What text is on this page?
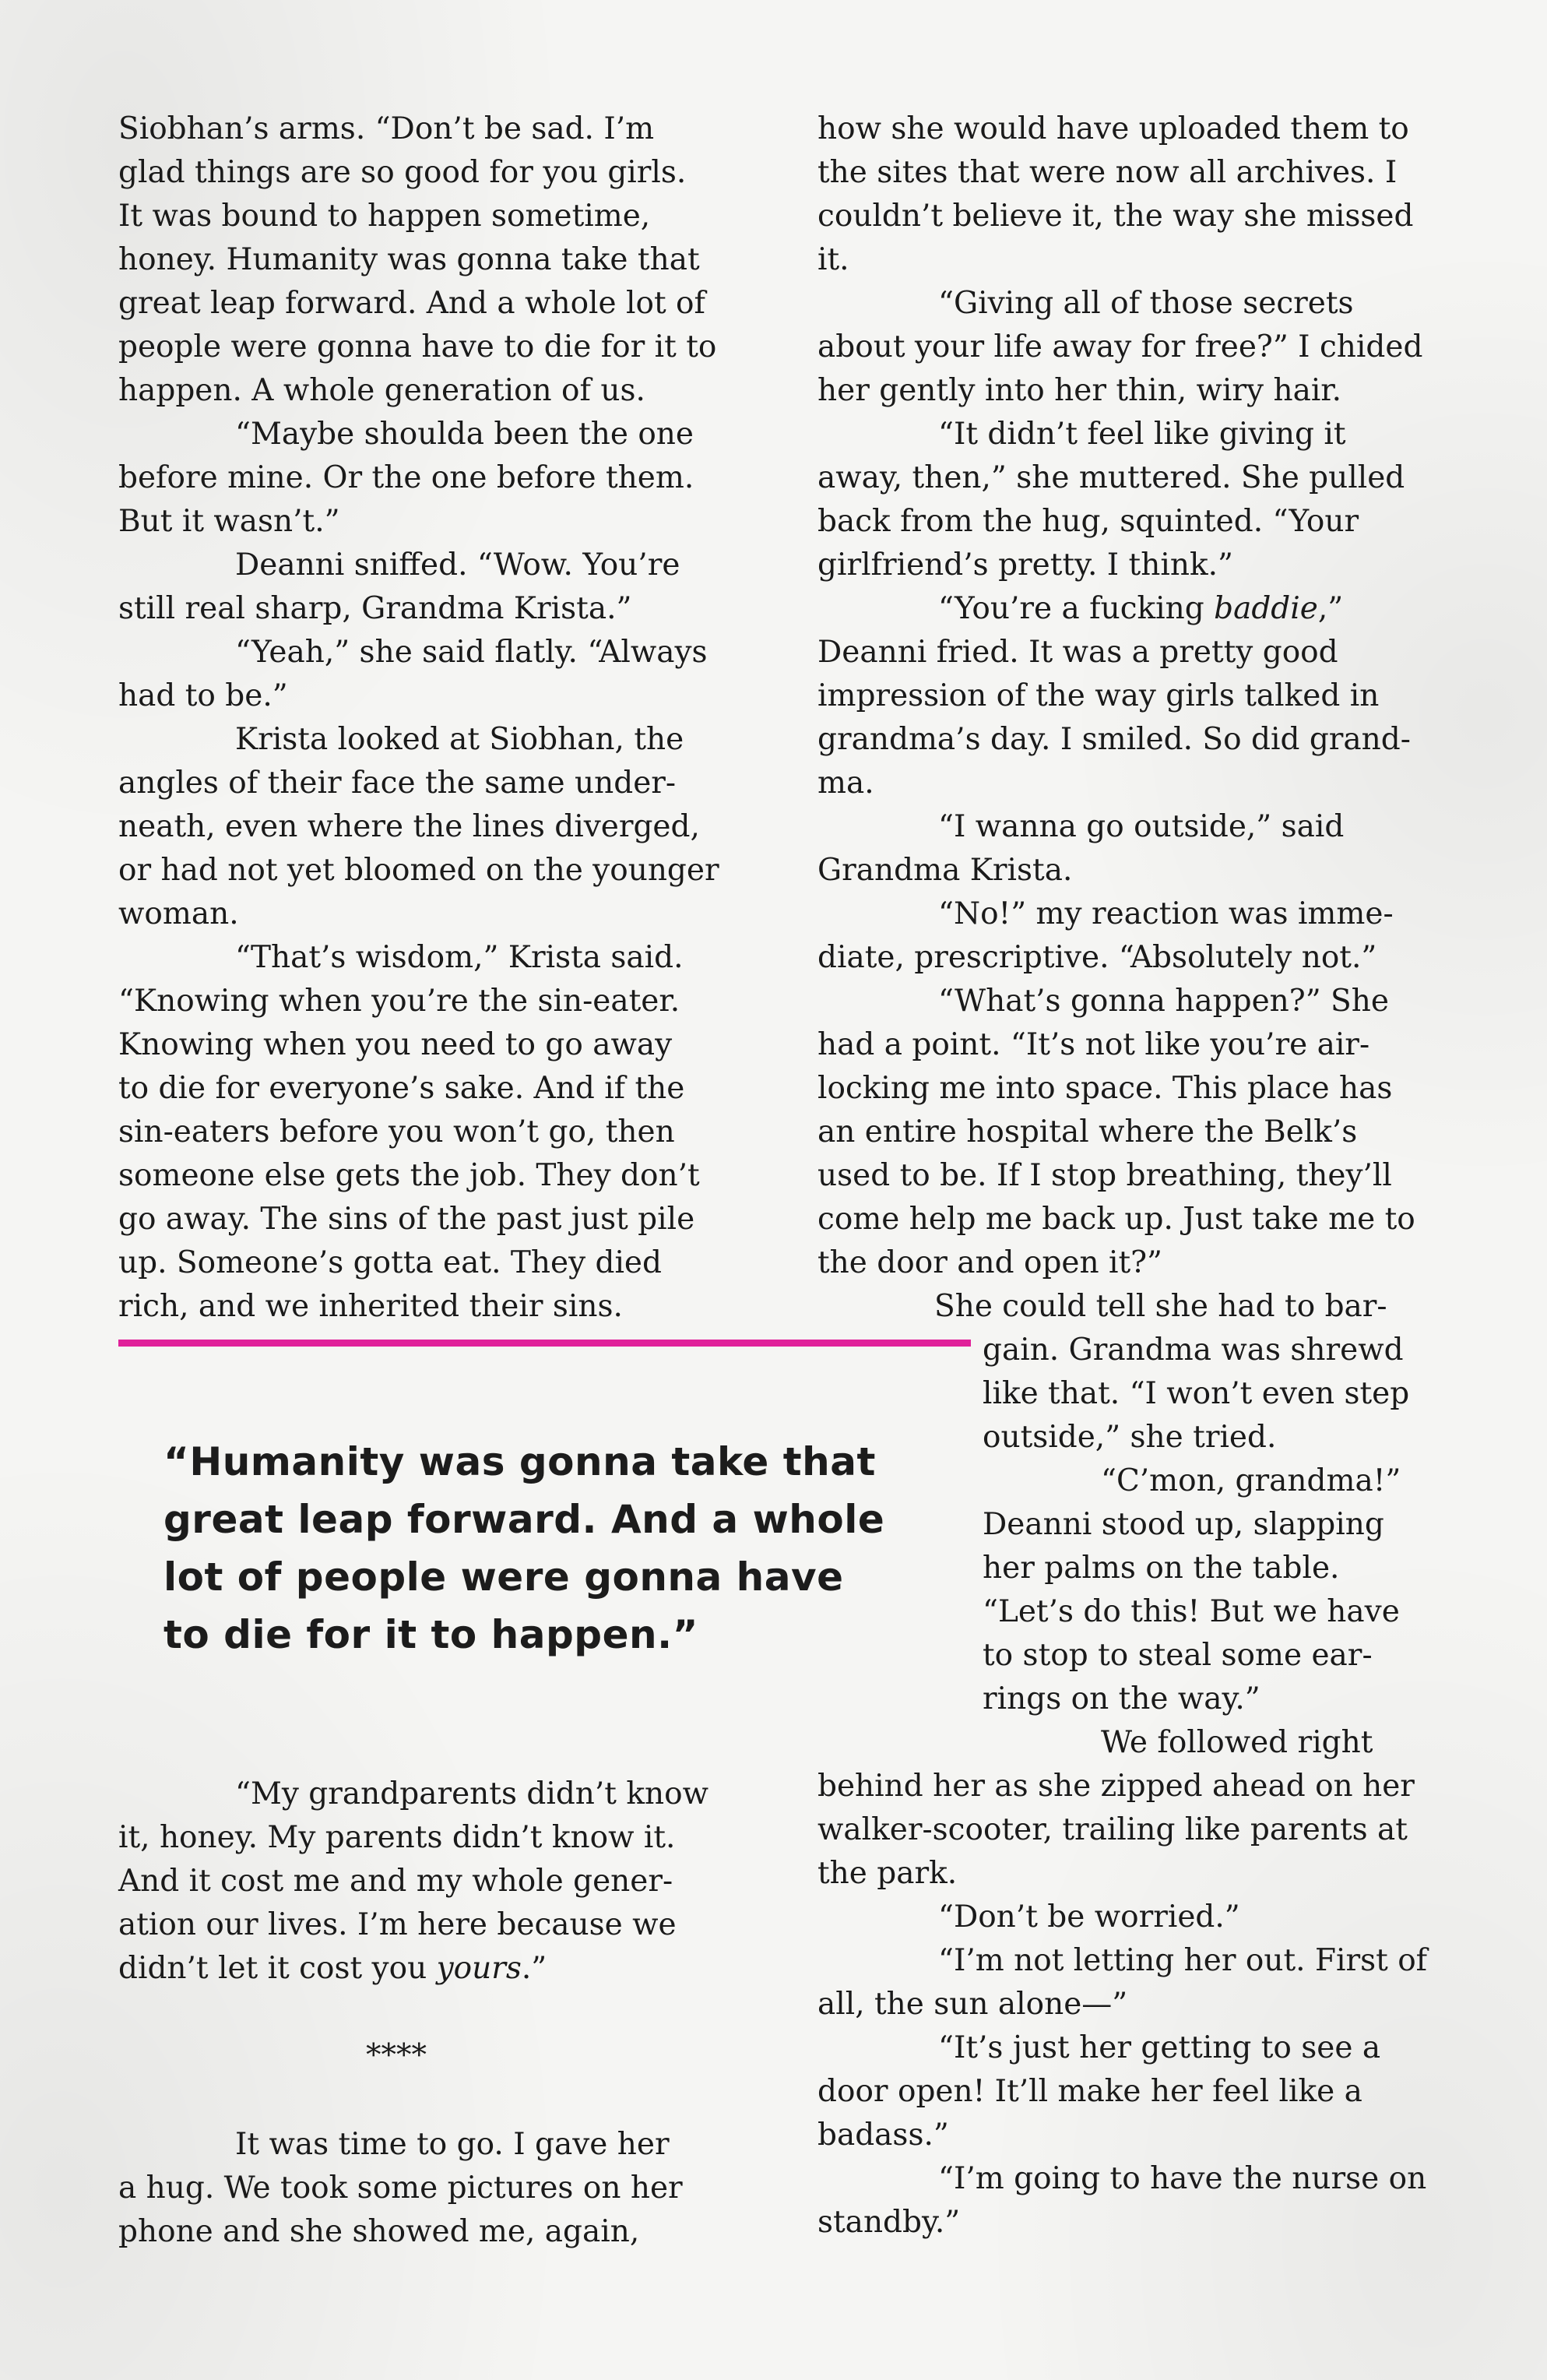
Siobhan’s arms. “Don’t be sad. I’m
glad things are so good for you girls.
It was bound to happen sometime,
honey. Humanity was gonna take that
great leap forward. And a whole lot of
people were gonna have to die for it to
happen. A whole generation of us.
“Maybe shoulda been the one
before mine. Or the one before them.
But it wasn’t.”
Deanni sniffed. “Wow. You’re
still real sharp, Grandma Krista.”
“Yeah,” she said flatly. “Always
had to be.”
Krista looked at Siobhan, the
angles of their face the same under-
neath, even where the lines diverged,
or had not yet bloomed on the younger
woman.
“That’s wisdom,” Krista said.
“Knowing when you’re the sin-eater.
Knowing when you need to go away
to die for everyone’s sake. And if the
sin-eaters before you won’t go, then
someone else gets the job. They don’t
go away. The sins of the past just pile
up. Someone’s gotta eat. They died
rich, and we inherited their sins.
“Humanity was gonna take that
great leap forward. And a whole
lot of people were gonna have
to die for it to happen.”
“My grandparents didn’t know
it, honey. My parents didn’t know it.
And it cost me and my whole gener-
ation our lives. I’m here because we
didn’t let it cost you yours.”
****
It was time to go. I gave her
a hug. We took some pictures on her
phone and she showed me, again,
how she would have uploaded them to
the sites that were now all archives. I
couldn’t believe it, the way she missed
it.
“Giving all of those secrets
about your life away for free?” I chided
her gently into her thin, wiry hair.
“It didn’t feel like giving it
away, then,” she muttered. She pulled
back from the hug, squinted. “Your
girlfriend’s pretty. I think.”
“You’re a fucking baddie,”
Deanni fried. It was a pretty good
impression of the way girls talked in
grandma’s day. I smiled. So did grand-
ma.
“I wanna go outside,” said
Grandma Krista.
“No!” my reaction was imme-
diate, prescriptive. “Absolutely not.”
“What’s gonna happen?” She
had a point. “It’s not like you’re air-
locking me into space. This place has
an entire hospital where the Belk’s
used to be. If I stop breathing, they’ll
come help me back up. Just take me to
the door and open it?”
She could tell she had to bar-
gain. Grandma was shrewd
like that. “I won’t even step
outside,” she tried.
“C’mon, grandma!”
Deanni stood up, slapping
her palms on the table.
“Let’s do this! But we have
to stop to steal some ear-
rings on the way.”
We followed right
behind her as she zipped ahead on her
walker-scooter, trailing like parents at
the park.
“Don’t be worried.”
“I’m not letting her out. First of
all, the sun alone—”
“It’s just her getting to see a
door open! It’ll make her feel like a
badass.”
“I’m going to have the nurse on
standby.”
